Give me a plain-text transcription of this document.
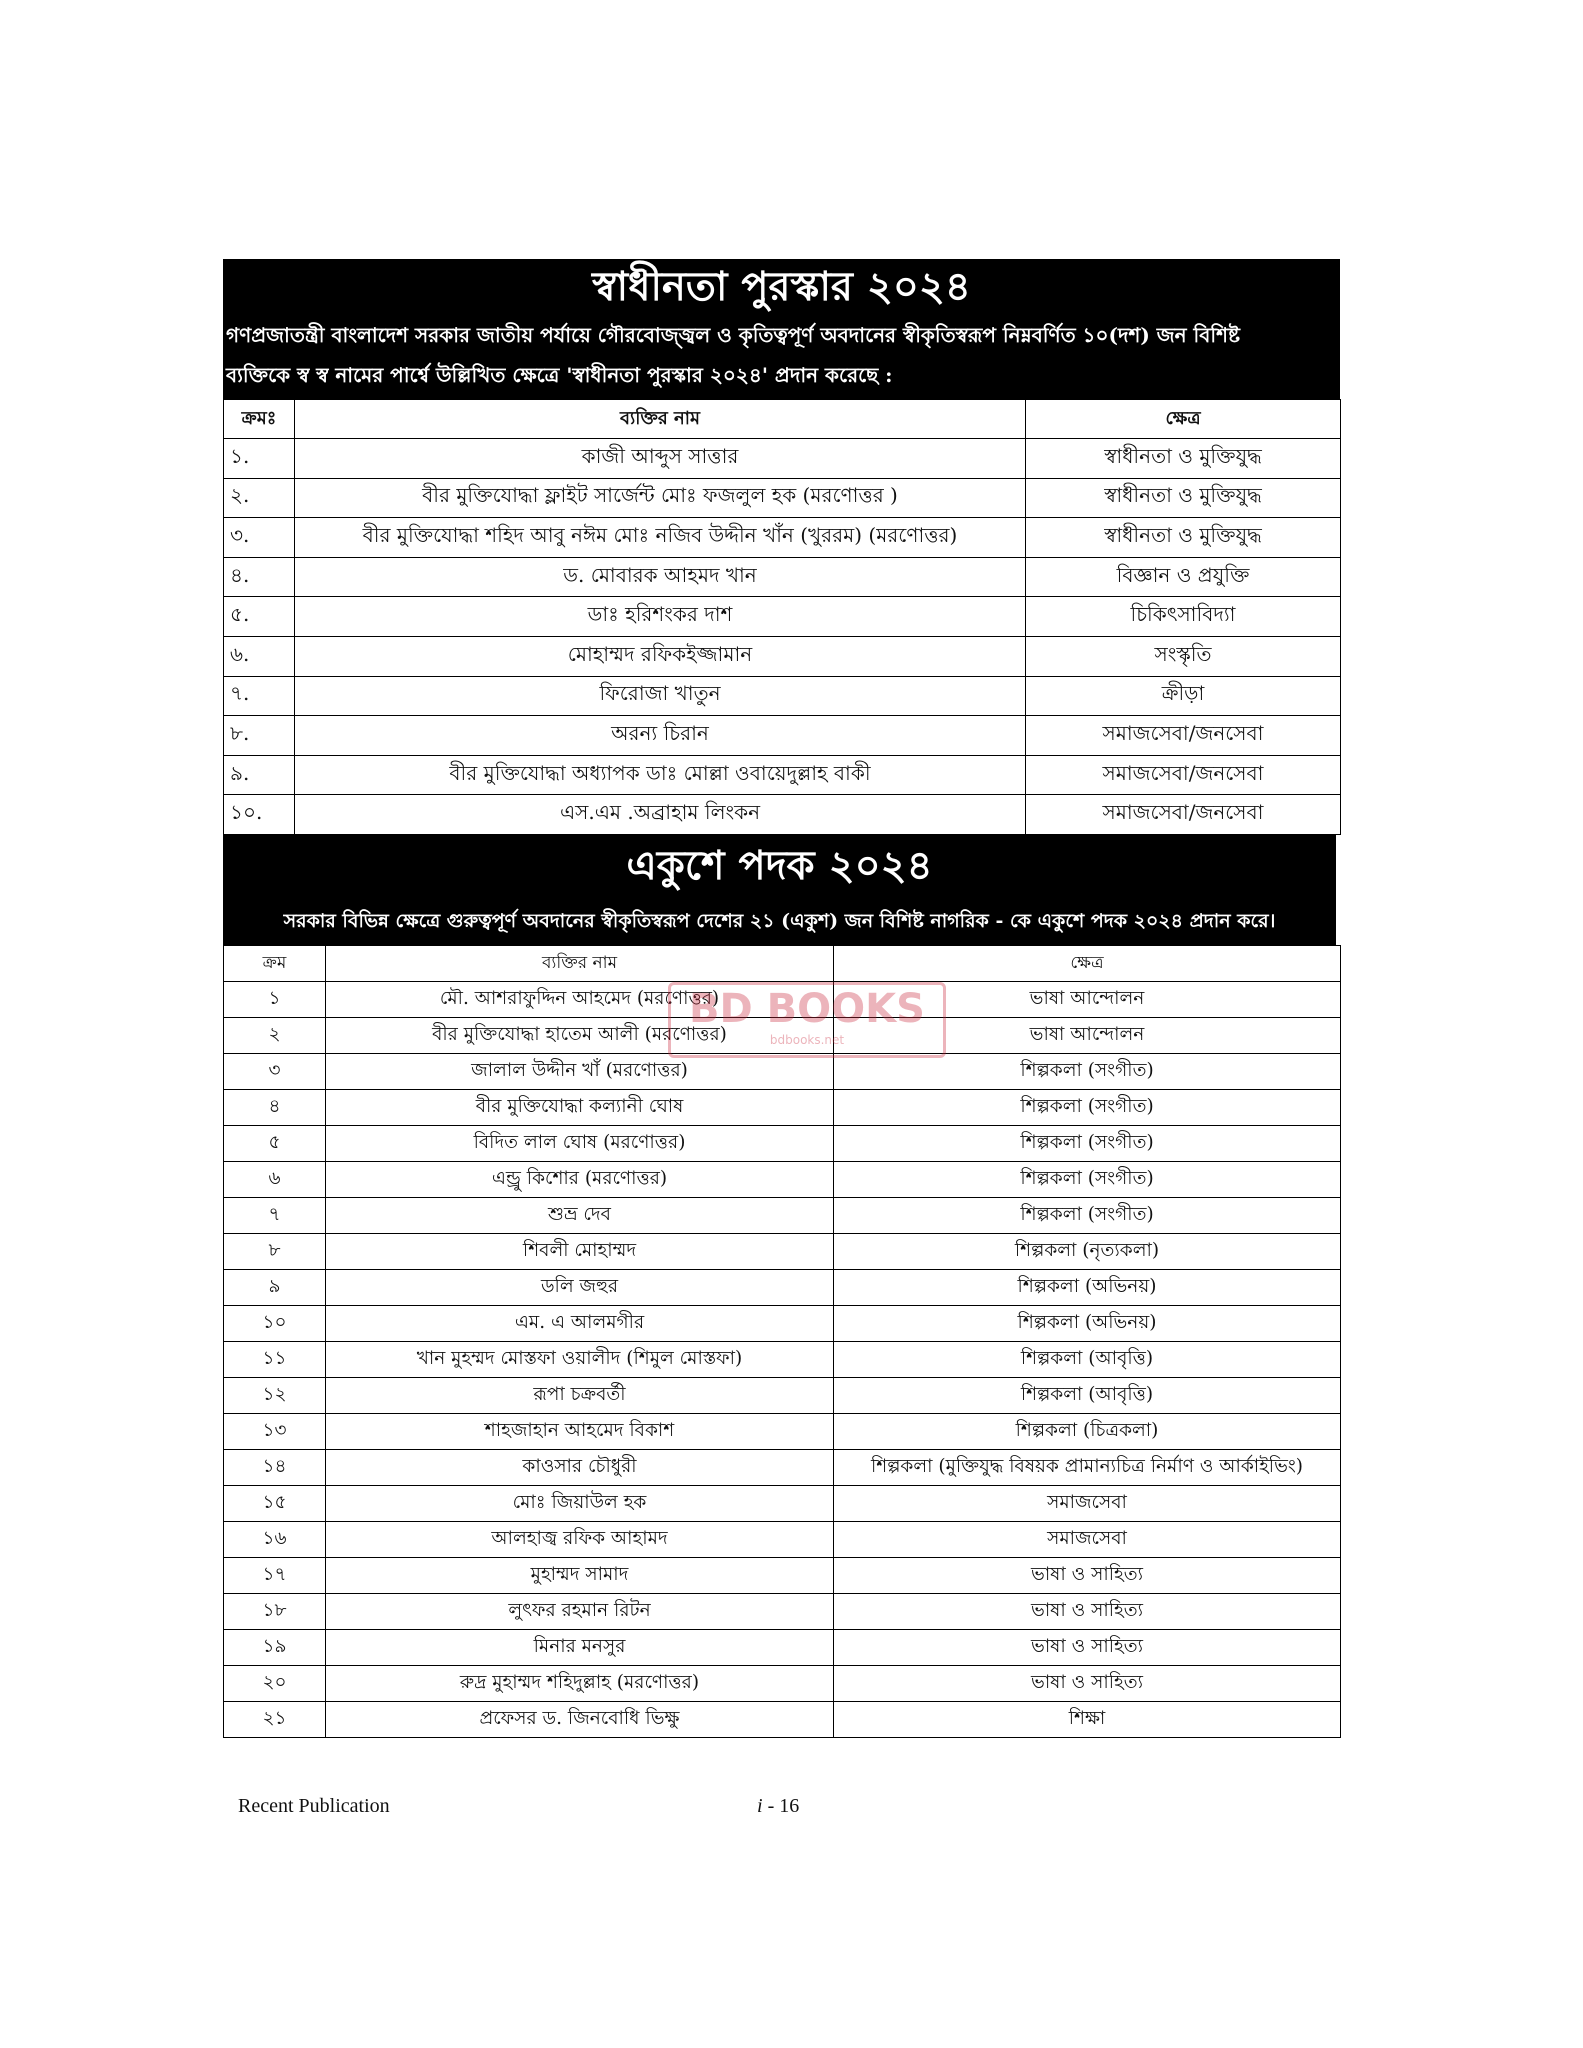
স্বাধীনতা পুরস্কার ২০২৪
গণপ্রজাতন্ত্রী বাংলাদেশ সরকার জাতীয় পর্যায়ে গৌরবোজ্জ্বল ও কৃতিত্বপূর্ণ অবদানের স্বীকৃতিস্বরূপ নিম্নবর্ণিত ১০(দশ) জন বিশিষ্ট
ব্যক্তিকে স্ব স্ব নামের পার্শ্বে উল্লিখিত ক্ষেত্রে 'স্বাধীনতা পুরস্কার ২০২৪' প্রদান করেছে :
ক্রমঃ	ব্যক্তির নাম	ক্ষেত্র
১.	কাজী আব্দুস সাত্তার	স্বাধীনতা ও মুক্তিযুদ্ধ
২.	বীর মুক্তিযোদ্ধা ফ্লাইট সার্জেন্ট মোঃ ফজলুল হক (মরণোত্তর )	স্বাধীনতা ও মুক্তিযুদ্ধ
৩.	বীর মুক্তিযোদ্ধা শহিদ আবু নঈম মোঃ নজিব উদ্দীন খাঁন (খুররম) (মরণোত্তর)	স্বাধীনতা ও মুক্তিযুদ্ধ
৪.	ড. মোবারক আহমদ খান	বিজ্ঞান ও প্রযুক্তি
৫.	ডাঃ হরিশংকর দাশ	চিকিৎসাবিদ্যা
৬.	মোহাম্মদ রফিকইজ্জামান	সংস্কৃতি
৭.	ফিরোজা খাতুন	ক্রীড়া
৮.	অরন্য চিরান	সমাজসেবা/জনসেবা
৯.	বীর মুক্তিযোদ্ধা অধ্যাপক ডাঃ মোল্লা ওবায়েদুল্লাহ বাকী	সমাজসেবা/জনসেবা
১০.	এস.এম .অব্রাহাম লিংকন	সমাজসেবা/জনসেবা
একুশে পদক ২০২৪
সরকার বিভিন্ন ক্ষেত্রে গুরুত্বপূর্ণ অবদানের স্বীকৃতিস্বরূপ দেশের ২১ (একুশ) জন বিশিষ্ট নাগরিক - কে একুশে পদক ২০২৪ প্রদান করে।
ক্রম	ব্যক্তির নাম	ক্ষেত্র
১	মৌ. আশরাফুদ্দিন আহমেদ (মরণোত্তর)	ভাষা আন্দোলন
২	বীর মুক্তিযোদ্ধা হাতেম আলী (মরণোত্তর)	ভাষা আন্দোলন
৩	জালাল উদ্দীন খাঁ (মরণোত্তর)	শিল্পকলা (সংগীত)
৪	বীর মুক্তিযোদ্ধা কল্যানী ঘোষ	শিল্পকলা (সংগীত)
৫	বিদিত লাল ঘোষ (মরণোত্তর)	শিল্পকলা (সংগীত)
৬	এন্ড্রু কিশোর (মরণোত্তর)	শিল্পকলা (সংগীত)
৭	শুভ্র দেব	শিল্পকলা (সংগীত)
৮	শিবলী মোহাম্মদ	শিল্পকলা (নৃত্যকলা)
৯	ডলি জহুর	শিল্পকলা (অভিনয়)
১০	এম. এ আলমগীর	শিল্পকলা (অভিনয়)
১১	খান মুহম্মদ মোস্তফা ওয়ালীদ (শিমুল মোস্তফা)	শিল্পকলা (আবৃত্তি)
১২	রূপা চক্রবর্তী	শিল্পকলা (আবৃত্তি)
১৩	শাহজাহান আহমেদ বিকাশ	শিল্পকলা (চিত্রকলা)
১৪	কাওসার চৌধুরী	শিল্পকলা (মুক্তিযুদ্ধ বিষয়ক প্রামান্যচিত্র নির্মাণ ও আর্কাইভিং)
১৫	মোঃ জিয়াউল হক	সমাজসেবা
১৬	আলহাজ্ব রফিক আহামদ	সমাজসেবা
১৭	মুহাম্মদ সামাদ	ভাষা ও সাহিত্য
১৮	লুৎফর রহমান রিটন	ভাষা ও সাহিত্য
১৯	মিনার মনসুর	ভাষা ও সাহিত্য
২০	রুদ্র মুহাম্মদ শহিদুল্লাহ (মরণোত্তর)	ভাষা ও সাহিত্য
২১	প্রফেসর ড. জিনবোধি ভিক্ষু	শিক্ষা
BD BOOKS
bdbooks.net
Recent Publication	i - 16
